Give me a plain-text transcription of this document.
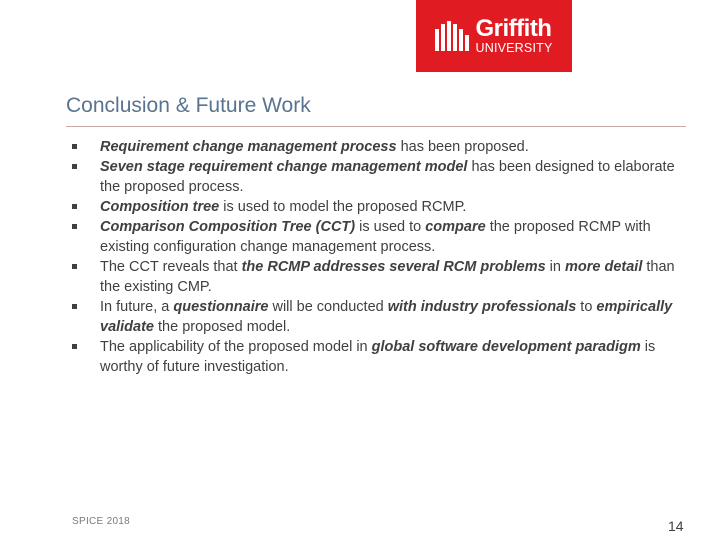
Griffith
UNIVERSITY
Conclusion & Future Work
Requirement change management process has been proposed.
Seven stage requirement change management model has been designed to elaborate the proposed process.
Composition tree is used to model the proposed RCMP.
Comparison Composition Tree (CCT) is used to compare the proposed RCMP with existing configuration change management process.
The CCT reveals that the RCMP addresses several RCM problems in more detail than the existing CMP.
In future, a questionnaire will be conducted with industry professionals to empirically validate the proposed model.
The applicability of the proposed model in global software development paradigm is worthy of future investigation.
SPICE 2018	14
